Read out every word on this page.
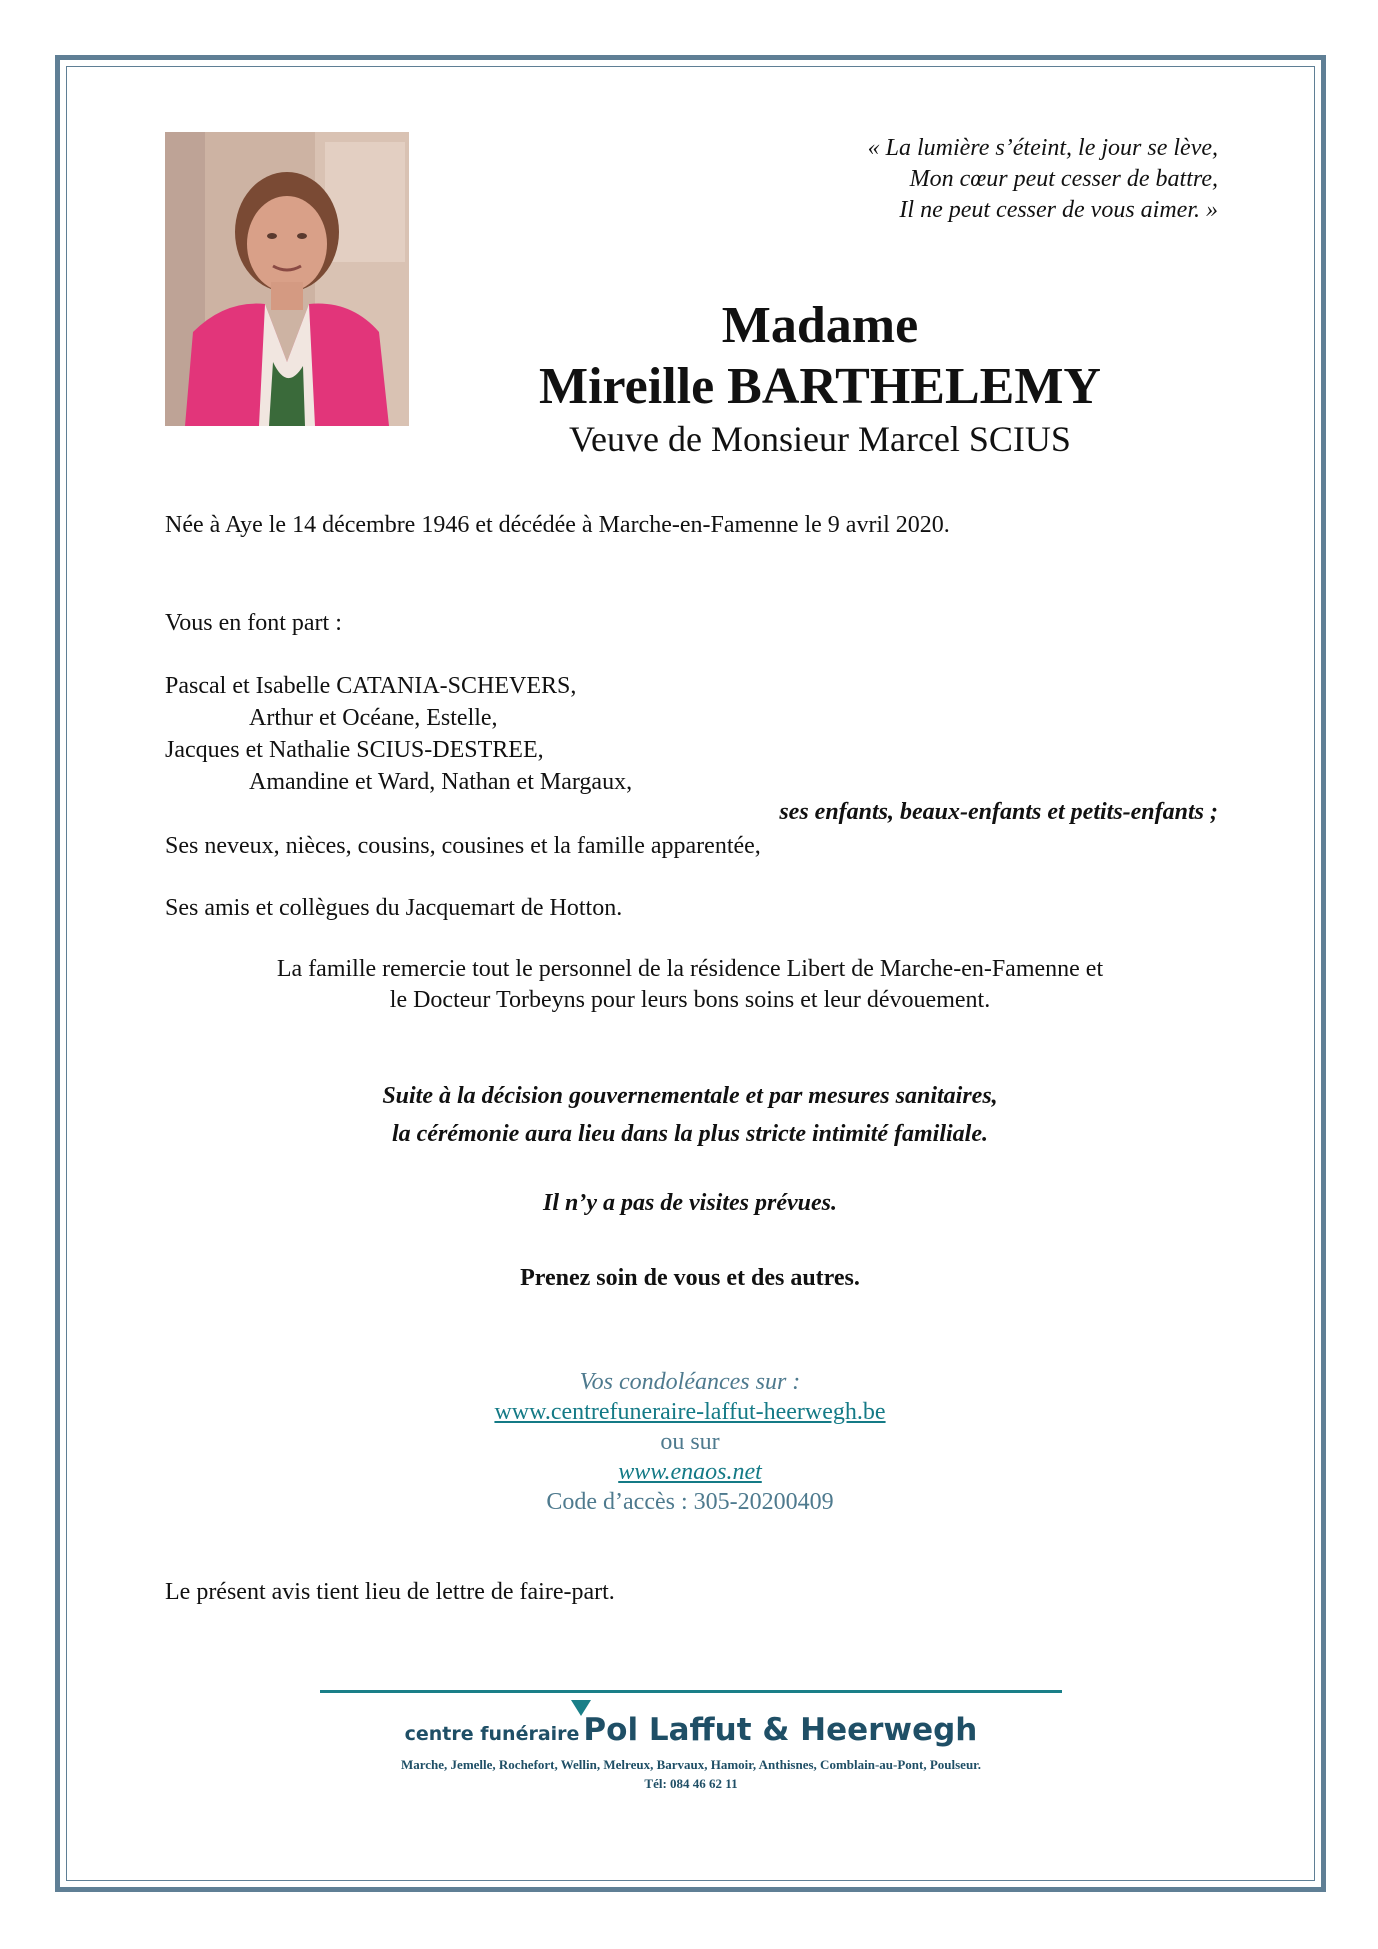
« La lumière s’éteint, le jour se lève,
Mon cœur peut cesser de battre,
Il ne peut cesser de vous aimer. »
Madame
Mireille BARTHELEMY
Veuve de Monsieur Marcel SCIUS
Née à Aye le 14 décembre 1946 et décédée à Marche-en-Famenne le 9 avril 2020.
Vous en font part :
Pascal et Isabelle CATANIA-SCHEVERS,
Arthur et Océane, Estelle,
Jacques et Nathalie SCIUS-DESTREE,
Amandine et Ward, Nathan et Margaux,
ses enfants, beaux-enfants et petits-enfants ;
Ses neveux, nièces, cousins, cousines et la famille apparentée,
Ses amis et collègues du Jacquemart de Hotton.
La famille remercie tout le personnel de la résidence Libert de Marche-en-Famenne et
le Docteur Torbeyns pour leurs bons soins et leur dévouement.
Suite à la décision gouvernementale et par mesures sanitaires,
la cérémonie aura lieu dans la plus stricte intimité familiale.
Il n’y a pas de visites prévues.
Prenez soin de vous et des autres.
Vos condoléances sur :
www.centrefuneraire-laffut-heerwegh.be
ou sur
www.enaos.net
Code d’accès : 305-20200409
Le présent avis tient lieu de lettre de faire-part.
centre funéraire Pol Laffut & Heerwegh
Marche, Jemelle, Rochefort, Wellin, Melreux, Barvaux, Hamoir, Anthisnes, Comblain-au-Pont, Poulseur.
Tél: 084 46 62 11
